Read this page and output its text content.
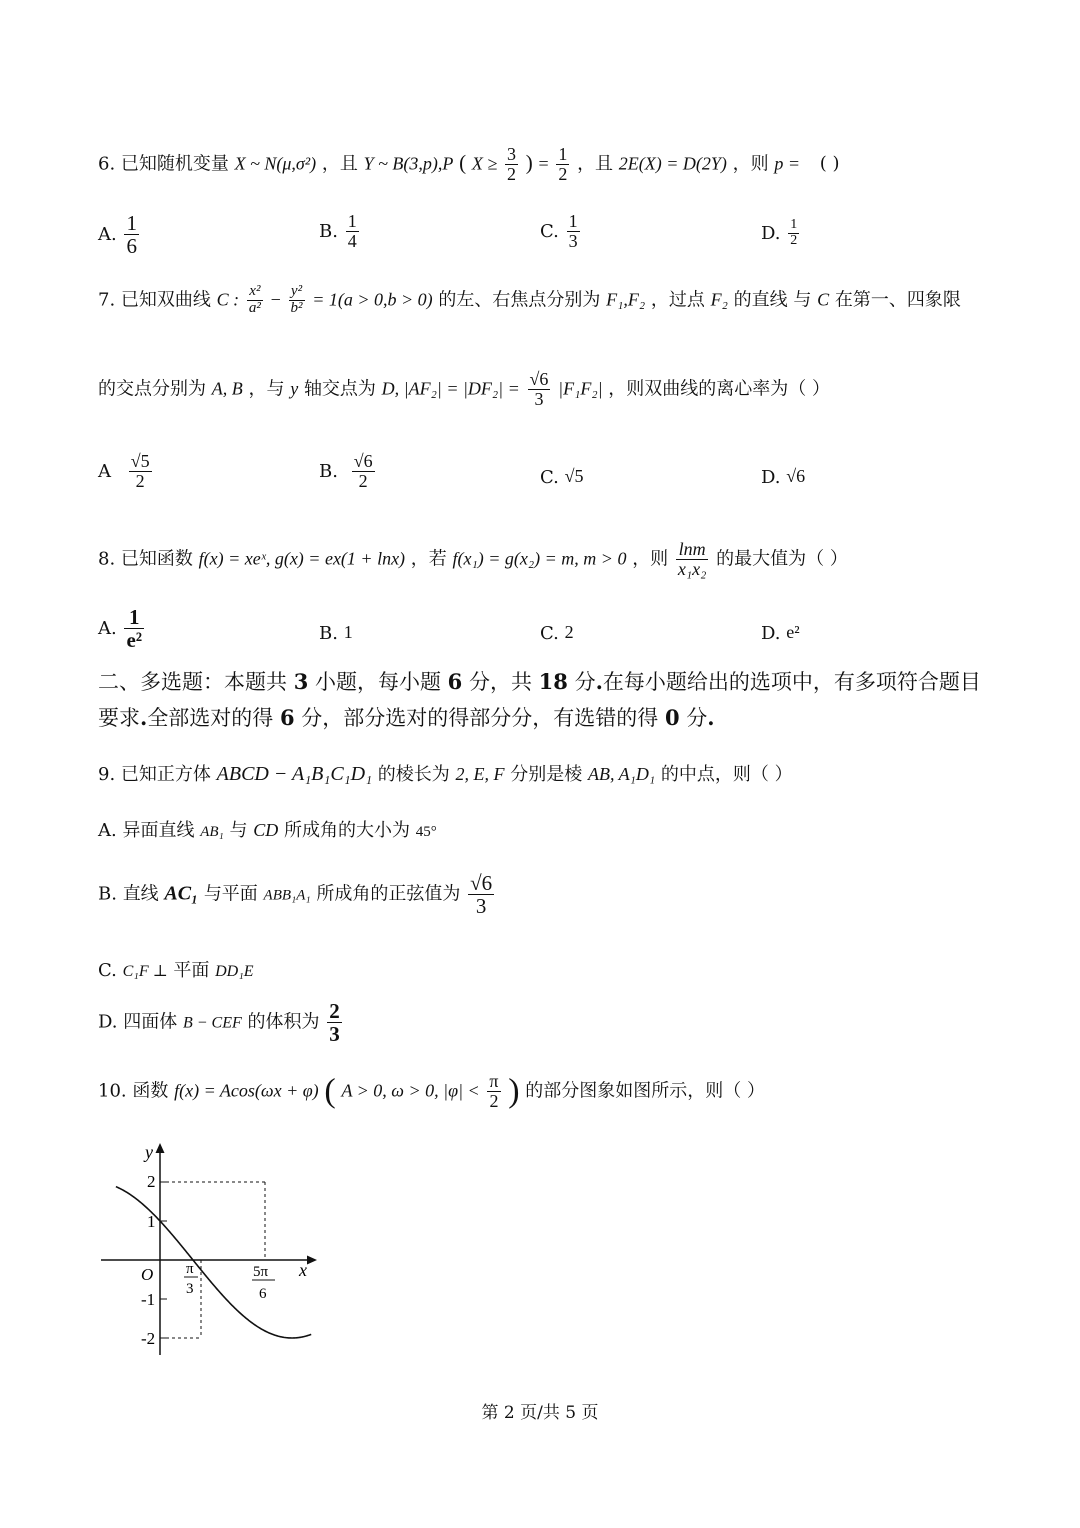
6. 已知随机变量 X ~ N(μ,σ²) ，且 Y ~ B(3,p),P ( $X \ge \frac{3}{2}$ ) = $\frac{1}{2}$ ，且 2E(X) = D(2Y) ，则 p = ( )
A. $\frac{1}{6}$	B. $\frac{1}{4}$	C. $\frac{1}{3}$	D. $\frac{1}{2}$
7. 已知双曲线 C : $\frac{\text{x²}}{\text{a²}} - \frac{\text{y²}}{\text{b²}} = 1(a > 0,b > 0)$ 的左、右焦点分别为 F₁,F₂ ，过点 F₂ 的直线 与 C 在第一、四象限
的交点分别为 A, B ，与 y 轴交点为 D, $|AF_2| = |DF_2| = \frac{√6}{3} |F_1F_2|$ ，则双曲线的离心率为（ ）
A $\frac{√5}{2}$	B. $\frac{√6}{2}$	C. √5	D. √6
8. 已知函数 f(x) = xeˣ, g(x) = ex(1 + lnx) ，若 f(x₁) = g(x₂) = m, m > 0 ，则 $\frac{\ln m}{\text{x₁x₂}}$ 的最大值为（ ）
A. $\frac{1}{\text{e²}}$	B. 1	C. 2	D. e²
二、多选题：本题共 3 小题，每小题 6 分，共 18 分.在每小题给出的选项中，有多项符合题目要求.全部选对的得 6 分，部分选对的得部分分，有选错的得 0 分.
9. 已知正方体 ABCD − A₁B₁C₁D₁ 的棱长为 2, E, F 分别是棱 AB, A₁D₁ 的中点，则（ ）
A. 异面直线 AB₁ 与 CD 所成角的大小为 45°
B. 直线 AC₁ 与平面 ABB₁A₁ 所成角的正弦值为 $\frac{√6}{3}$
C. C₁F ⊥ 平面 DD₁E
D. 四面体 B − CEF 的体积为 $\frac{2}{3}$
10. 函数 f(x) = Acos(ωx + φ) ( A > 0, ω > 0, $|\varphi| < \frac{\pi}{2}$ ) 的部分图象如图所示，则（ ）
y
x
O
2
1
-1
-2
π
3
5π
6
第 2 页/共 5 页
